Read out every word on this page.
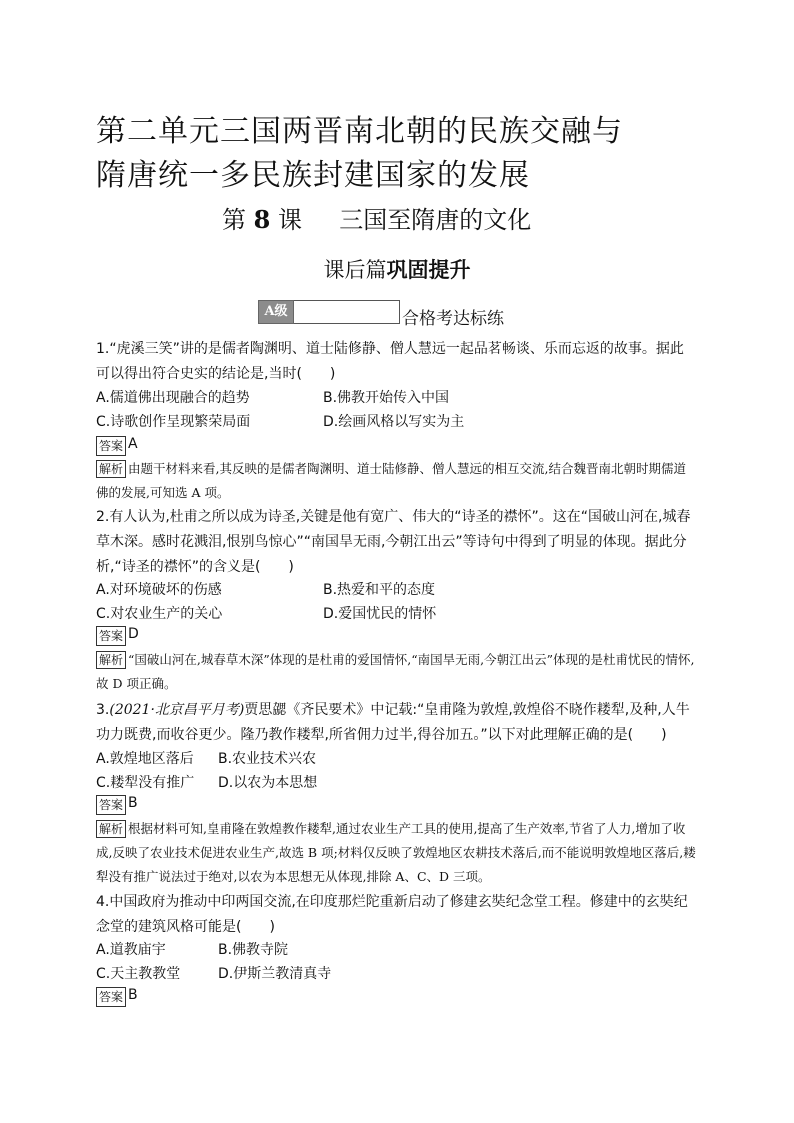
第二单元三国两晋南北朝的民族交融与
隋唐统一多民族封建国家的发展
第 8 课 三国至隋唐的文化
课后篇巩固提升
A级	合格考达标练
1.“虎溪三笑”讲的是儒者陶渊明、道士陆修静、僧人慧远一起品茗畅谈、乐而忘返的故事。据此可以得出符合史实的结论是,当时(　　)
A.儒道佛出现融合的趋势	B.佛教开始传入中国
C.诗歌创作呈现繁荣局面	D.绘画风格以写实为主
答案 A
解析 由题干材料来看,其反映的是儒者陶渊明、道士陆修静、僧人慧远的相互交流,结合魏晋南北朝时期儒道佛的发展,可知选 A 项。
2.有人认为,杜甫之所以成为诗圣,关键是他有宽广、伟大的“诗圣的襟怀”。这在“国破山河在,城春草木深。感时花溅泪,恨别鸟惊心”“南国旱无雨,今朝江出云”等诗句中得到了明显的体现。据此分析,“诗圣的襟怀”的含义是(　　)
A.对环境破坏的伤感	B.热爱和平的态度
C.对农业生产的关心	D.爱国忧民的情怀
答案 D
解析 “国破山河在,城春草木深”体现的是杜甫的爱国情怀,“南国旱无雨,今朝江出云”体现的是杜甫忧民的情怀,故 D 项正确。
3.(2021·北京昌平月考)贾思勰《齐民要术》中记载:“皇甫隆为敦煌,敦煌俗不晓作耧犁,及种,人牛功力既费,而收谷更少。隆乃教作耧犁,所省佣力过半,得谷加五。”以下对此理解正确的是(　　)
A.敦煌地区落后 B.农业技术兴农
C.耧犁没有推广 D.以农为本思想
答案 B
解析 根据材料可知,皇甫隆在敦煌教作耧犁,通过农业生产工具的使用,提高了生产效率,节省了人力,增加了收成,反映了农业技术促进农业生产,故选 B 项;材料仅反映了敦煌地区农耕技术落后,而不能说明敦煌地区落后,耧犁没有推广说法过于绝对,以农为本思想无从体现,排除 A、C、D 三项。
4.中国政府为推动中印两国交流,在印度那烂陀重新启动了修建玄奘纪念堂工程。修建中的玄奘纪念堂的建筑风格可能是(　　)
A.道教庙宇	B.佛教寺院
C.天主教教堂	D.伊斯兰教清真寺
答案 B
